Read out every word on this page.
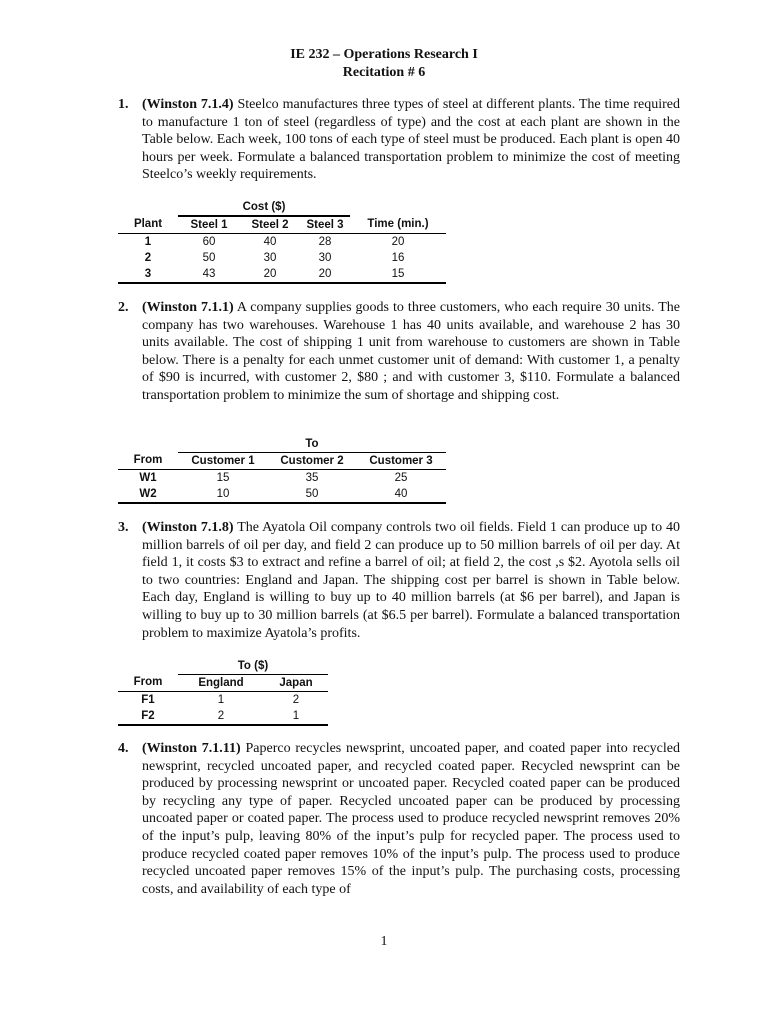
IE 232 – Operations Research I
Recitation # 6
1. (Winston 7.1.4) Steelco manufactures three types of steel at different plants. The time required to manufacture 1 ton of steel (regardless of type) and the cost at each plant are shown in the Table below. Each week, 100 tons of each type of steel must be produced. Each plant is open 40 hours per week. Formulate a balanced transportation problem to minimize the cost of meeting Steelco’s weekly requirements.
	Cost ($)			
Plant	Steel 1	Steel 2	Steel 3	Time (min.)
1	60	40	28	20
2	50	30	30	16
3	43	20	20	15
2. (Winston 7.1.1) A company supplies goods to three customers, who each require 30 units. The company has two warehouses. Warehouse 1 has 40 units available, and warehouse 2 has 30 units available. The cost of shipping 1 unit from warehouse to customers are shown in Table below. There is a penalty for each unmet customer unit of demand: With customer 1, a penalty of $90 is incurred, with customer 2, $80 ; and with customer 3, $110. Formulate a balanced transportation problem to minimize the sum of shortage and shipping cost.
	To		
From	Customer 1	Customer 2	Customer 3
W1	15	35	25
W2	10	50	40
3. (Winston 7.1.8) The Ayatola Oil company controls two oil fields. Field 1 can produce up to 40 million barrels of oil per day, and field 2 can produce up to 50 million barrels of oil per day. At field 1, it costs $3 to extract and refine a barrel of oil; at field 2, the cost ,s $2. Ayotola sells oil to two countries: England and Japan. The shipping cost per barrel is shown in Table below. Each day, England is willing to buy up to 40 million barrels (at $6 per barrel), and Japan is willing to buy up to 30 million barrels (at $6.5 per barrel). Formulate a balanced transportation problem to maximize Ayatola’s profits.
	To ($)	
From	England	Japan
F1	1	2
F2	2	1
4. (Winston 7.1.11) Paperco recycles newsprint, uncoated paper, and coated paper into recycled newsprint, recycled uncoated paper, and recycled coated paper. Recycled newsprint can be produced by processing newsprint or uncoated paper. Recycled coated paper can be produced by recycling any type of paper. Recycled uncoated paper can be produced by processing uncoated paper or coated paper. The process used to produce recycled newsprint removes 20% of the input’s pulp, leaving 80% of the input’s pulp for recycled paper. The process used to produce recycled coated paper removes 10% of the input’s pulp. The process used to produce recycled uncoated paper removes 15% of the input’s pulp. The purchasing costs, processing costs, and availability of each type of
1
